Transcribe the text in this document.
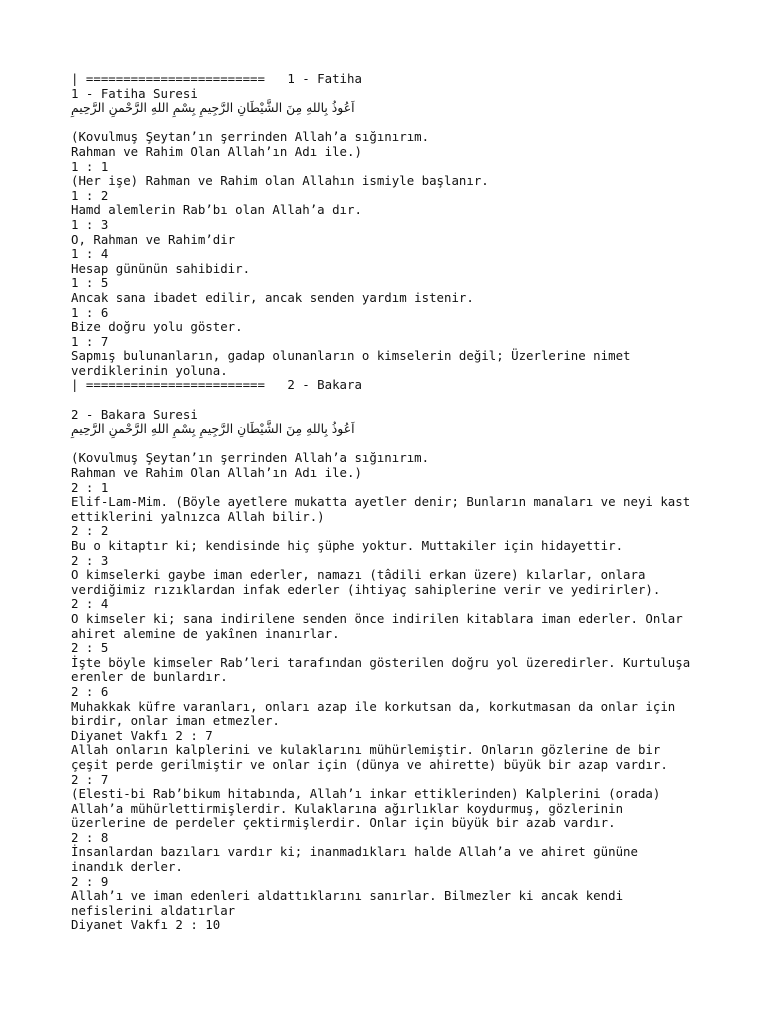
| ========================   1 - Fatiha
1 - Fatiha Suresi
اَعُوذُ بِاللهِ مِنَ الشَّيْطَانِ الرَّجِيمِ بِسْمِ اللهِ الرَّحْمنِ الرَّحِيمِ
(Kovulmuş Şeytan’ın şerrinden Allah’a sığınırım.
Rahman ve Rahim Olan Allah’ın Adı ile.)
1 : 1
(Her işe) Rahman ve Rahim olan Allahın ismiyle başlanır.
1 : 2
Hamd alemlerin Rab’bı olan Allah’a dır.
1 : 3
O, Rahman ve Rahim’dir
1 : 4
Hesap gününün sahibidir.
1 : 5
Ancak sana ibadet edilir, ancak senden yardım istenir.
1 : 6
Bize doğru yolu göster.
1 : 7
Sapmış bulunanların, gadap olunanların o kimselerin değil; Üzerlerine nimet
verdiklerinin yoluna.
| ========================   2 - Bakara
2 - Bakara Suresi
اَعُوذُ بِاللهِ مِنَ الشَّيْطَانِ الرَّجِيمِ بِسْمِ اللهِ الرَّحْمنِ الرَّحِيمِ
(Kovulmuş Şeytan’ın şerrinden Allah’a sığınırım.
Rahman ve Rahim Olan Allah’ın Adı ile.)
2 : 1
Elif-Lam-Mim. (Böyle ayetlere mukatta ayetler denir; Bunların manaları ve neyi kast
ettiklerini yalnızca Allah bilir.)
2 : 2
Bu o kitaptır ki; kendisinde hiç şüphe yoktur. Muttakiler için hidayettir.
2 : 3
O kimselerki gaybe iman ederler, namazı (tâdili erkan üzere) kılarlar, onlara
verdiğimiz rızıklardan infak ederler (ihtiyaç sahiplerine verir ve yedirirler).
2 : 4
O kimseler ki; sana indirilene senden önce indirilen kitablara iman ederler. Onlar
ahiret alemine de yakînen inanırlar.
2 : 5
İşte böyle kimseler Rab’leri tarafından gösterilen doğru yol üzeredirler. Kurtuluşa
erenler de bunlardır.
2 : 6
Muhakkak küfre varanları, onları azap ile korkutsan da, korkutmasan da onlar için
birdir, onlar iman etmezler.
Diyanet Vakfı 2 : 7
Allah onların kalplerini ve kulaklarını mühürlemiştir. Onların gözlerine de bir
çeşit perde gerilmiştir ve onlar için (dünya ve ahirette) büyük bir azap vardır.
2 : 7
(Elesti-bi Rab’bikum hitabında, Allah’ı inkar ettiklerinden) Kalplerini (orada)
Allah’a mühürlettirmişlerdir. Kulaklarına ağırlıklar koydurmuş, gözlerinin
üzerlerine de perdeler çektirmişlerdir. Onlar için büyük bir azab vardır.
2 : 8
İnsanlardan bazıları vardır ki; inanmadıkları halde Allah’a ve ahiret gününe
inandık derler.
2 : 9
Allah’ı ve iman edenleri aldattıklarını sanırlar. Bilmezler ki ancak kendi
nefislerini aldatırlar
Diyanet Vakfı 2 : 10
